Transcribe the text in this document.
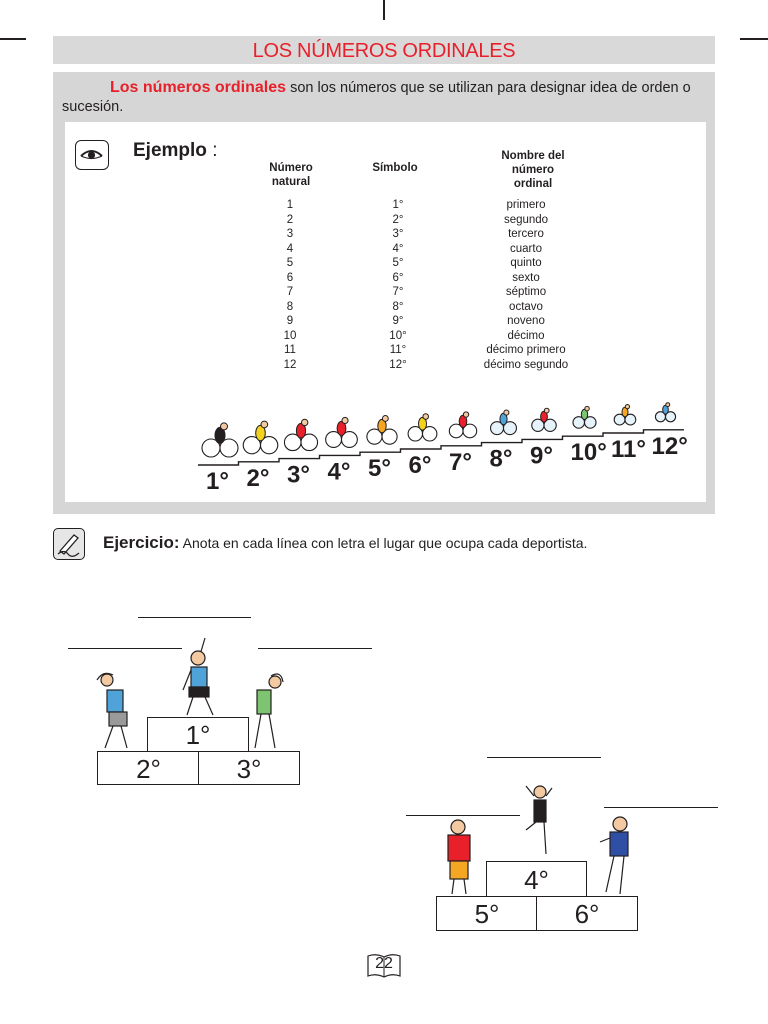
LOS NÚMEROS ORDINALES
Los números ordinales son los números que se utilizan para designar idea de orden o sucesión.
Ejemplo :
Número natural
Símbolo
Nombre del número ordinal
1
2
3
4
5
6
7
8
9
10
11
12
1°
2°
3°
4°
5°
6°
7°
8°
9°
10°
11°
12°
primero
segundo
tercero
cuarto
quinto
sexto
séptimo
octavo
noveno
décimo
décimo primero
décimo segundo
1° 2° 3° 4° 5° 6° 7° 8° 9° 10° 11° 12°
Ejercicio: Anota en cada línea con letra el lugar que ocupa cada deportista.
1°
2°	3°
4°
5°	6°
22
